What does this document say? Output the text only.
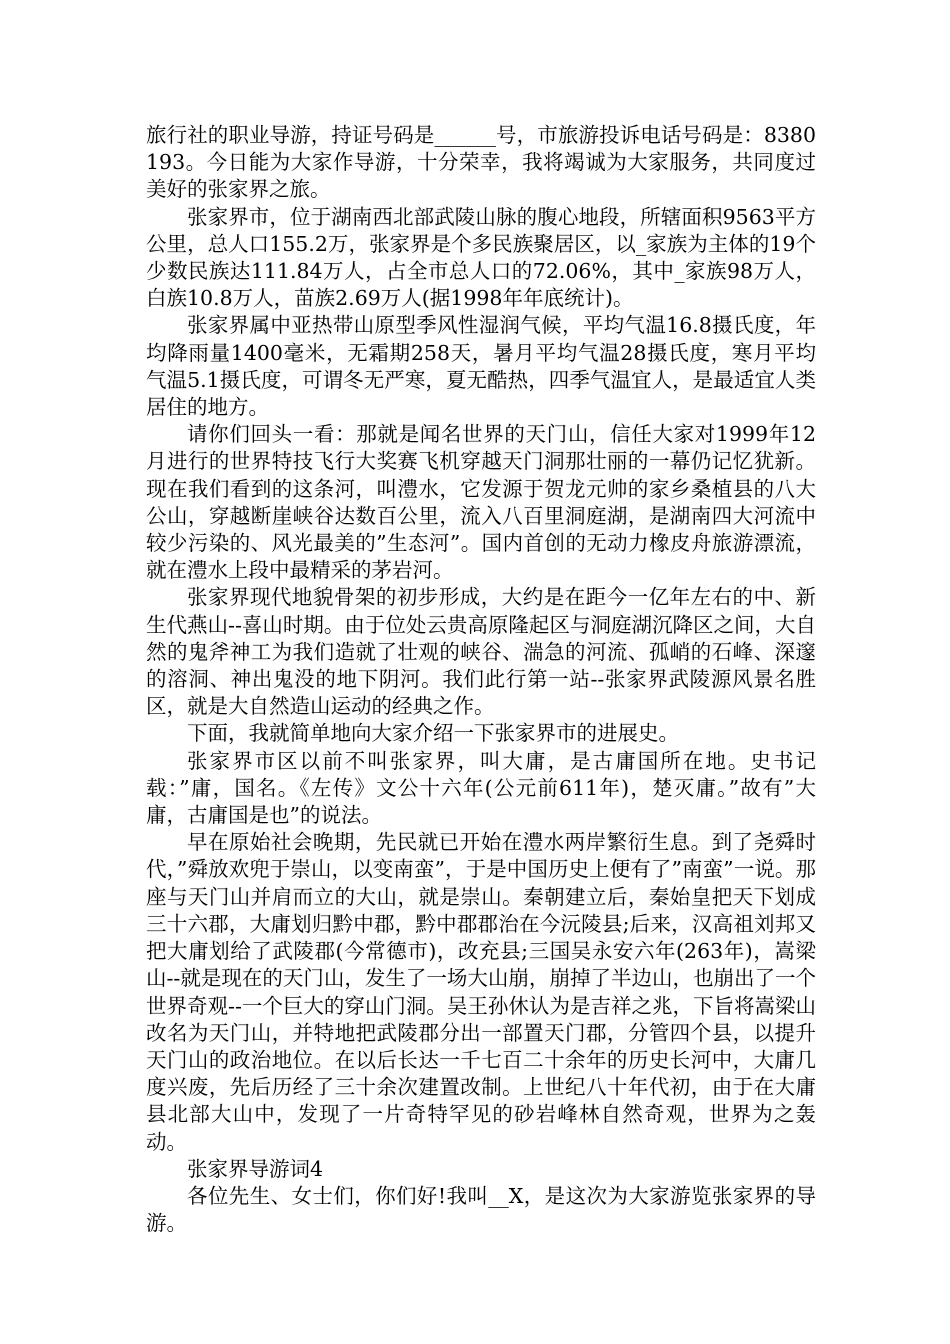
旅行社的职业导游，持证号码是______号，市旅游投诉电话号码是：8380193。今日能为大家作导游，十分荣幸，我将竭诚为大家服务，共同度过美好的张家界之旅。

张家界市，位于湖南西北部武陵山脉的腹心地段，所辖面积9563平方公里，总人口155.2万，张家界是个多民族聚居区，以_家族为主体的19个少数民族达111.84万人，占全市总人口的72.06%，其中_家族98万人，白族10.8万人，苗族2.69万人(据1998年年底统计)。

张家界属中亚热带山原型季风性湿润气候，平均气温16.8摄氏度，年均降雨量1400毫米，无霜期258天，暑月平均气温28摄氏度，寒月平均气温5.1摄氏度，可谓冬无严寒，夏无酷热，四季气温宜人，是最适宜人类居住的地方。

请你们回头一看：那就是闻名世界的天门山，信任大家对1999年12月进行的世界特技飞行大奖赛飞机穿越天门洞那壮丽的一幕仍记忆犹新。现在我们看到的这条河，叫澧水，它发源于贺龙元帅的家乡桑植县的八大公山，穿越断崖峡谷达数百公里，流入八百里洞庭湖，是湖南四大河流中较少污染的、风光最美的”生态河”。国内首创的无动力橡皮舟旅游漂流，就在澧水上段中最精采的茅岩河。

张家界现代地貌骨架的初步形成，大约是在距今一亿年左右的中、新生代燕山--喜山时期。由于位处云贵高原隆起区与洞庭湖沉降区之间，大自然的鬼斧神工为我们造就了壮观的峡谷、湍急的河流、孤峭的石峰、深邃的溶洞、神出鬼没的地下阴河。我们此行第一站--张家界武陵源风景名胜区，就是大自然造山运动的经典之作。

下面，我就简单地向大家介绍一下张家界市的进展史。

张家界市区以前不叫张家界，叫大庸，是古庸国所在地。史书记载：”庸，国名。《左传》文公十六年(公元前611年)，楚灭庸。”故有”大庸，古庸国是也”的说法。

早在原始社会晚期，先民就已开始在澧水两岸繁衍生息。到了尧舜时代，”舜放欢兜于崇山，以变南蛮”，于是中国历史上便有了”南蛮”一说。那座与天门山并肩而立的大山，就是崇山。秦朝建立后，秦始皇把天下划成三十六郡，大庸划归黔中郡，黔中郡郡治在今沅陵县;后来，汉高祖刘邦又把大庸划给了武陵郡(今常德市)，改充县;三国吴永安六年(263年)，嵩梁山--就是现在的天门山，发生了一场大山崩，崩掉了半边山，也崩出了一个世界奇观--一个巨大的穿山门洞。吴王孙休认为是吉祥之兆，下旨将嵩梁山改名为天门山，并特地把武陵郡分出一部置天门郡，分管四个县，以提升天门山的政治地位。在以后长达一千七百二十余年的历史长河中，大庸几度兴废，先后历经了三十余次建置改制。上世纪八十年代初，由于在大庸县北部大山中，发现了一片奇特罕见的砂岩峰林自然奇观，世界为之轰动。

张家界导游词4

各位先生、女士们，你们好!我叫__X，是这次为大家游览张家界的导游。
